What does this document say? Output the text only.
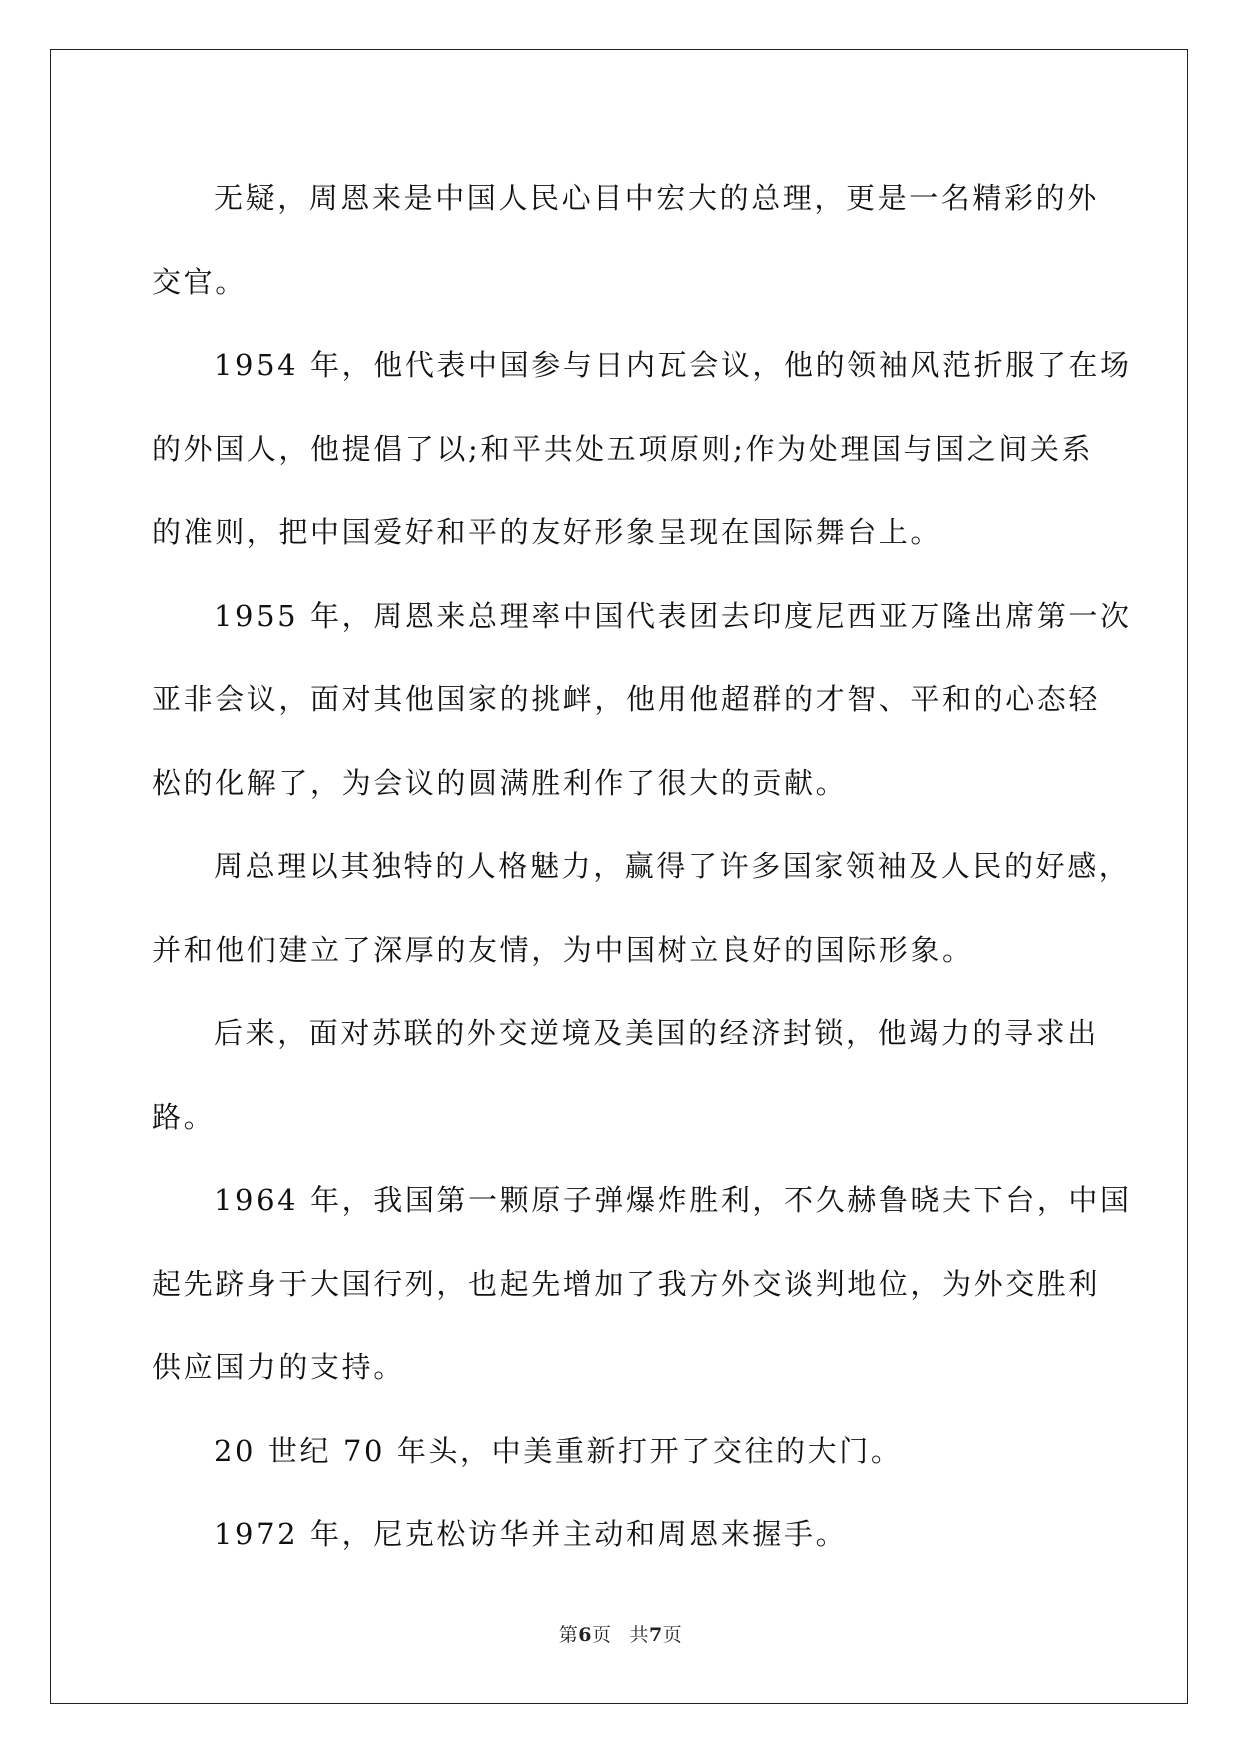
无疑，周恩来是中国人民心目中宏大的总理，更是一名精彩的外
交官。

1954 年，他代表中国参与日内瓦会议，他的领袖风范折服了在场
的外国人，他提倡了以;和平共处五项原则;作为处理国与国之间关系
的准则，把中国爱好和平的友好形象呈现在国际舞台上。

1955 年，周恩来总理率中国代表团去印度尼西亚万隆出席第一次
亚非会议，面对其他国家的挑衅，他用他超群的才智、平和的心态轻
松的化解了，为会议的圆满胜利作了很大的贡献。

周总理以其独特的人格魅力，赢得了许多国家领袖及人民的好感，
并和他们建立了深厚的友情，为中国树立良好的国际形象。

后来，面对苏联的外交逆境及美国的经济封锁，他竭力的寻求出
路。

1964 年，我国第一颗原子弹爆炸胜利，不久赫鲁晓夫下台，中国
起先跻身于大国行列，也起先增加了我方外交谈判地位，为外交胜利
供应国力的支持。

20 世纪 70 年头，中美重新打开了交往的大门。

1972 年，尼克松访华并主动和周恩来握手。

第6页 共7页
